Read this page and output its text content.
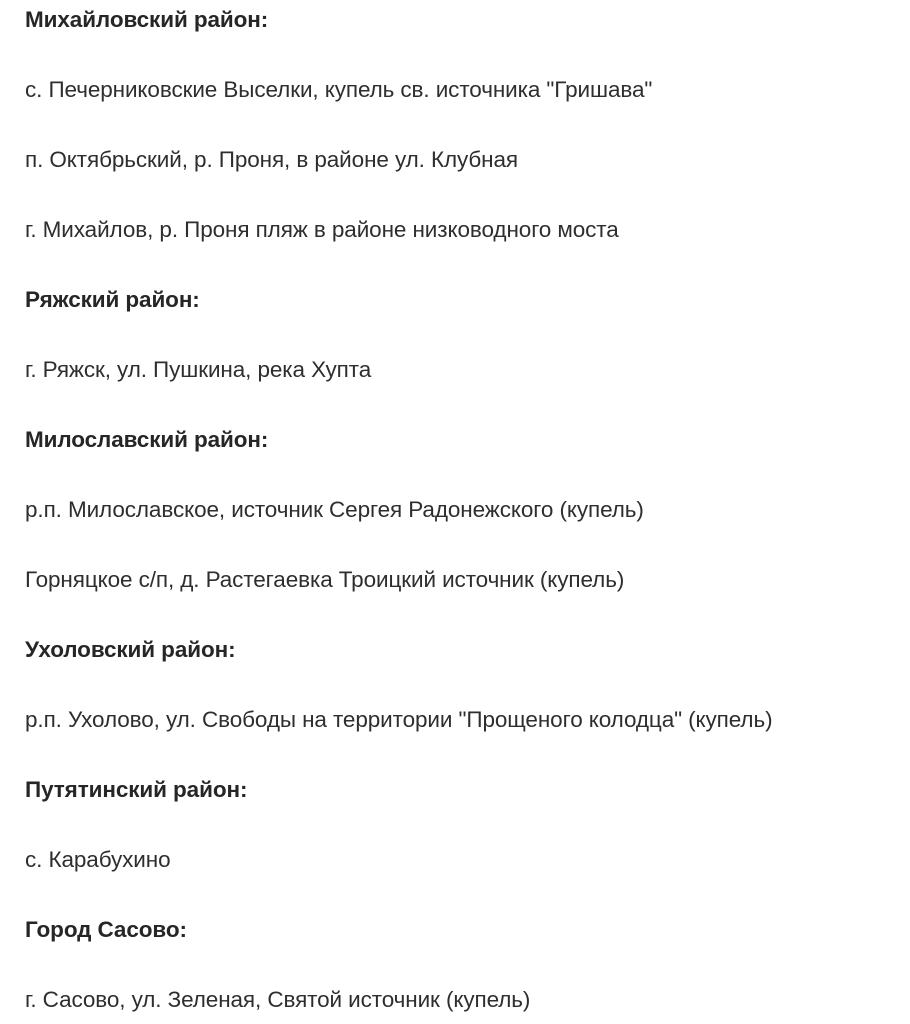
Михайловский район:
с. Печерниковские Выселки, купель св. источника "Гришава"
п. Октябрьский, р. Проня, в районе ул. Клубная
г. Михайлов, р. Проня пляж в районе низководного моста
Ряжский район:
г. Ряжск, ул. Пушкина, река Хупта
Милославский район:
р.п. Милославское, источник Сергея Радонежского (купель)
Горняцкое с/п, д. Растегаевка Троицкий источник (купель)
Ухоловский район:
р.п. Ухолово, ул. Свободы на территории "Прощеного колодца" (купель)
Путятинский район:
с. Карабухино
Город Сасово:
г. Сасово, ул. Зеленая, Святой источник (купель)
